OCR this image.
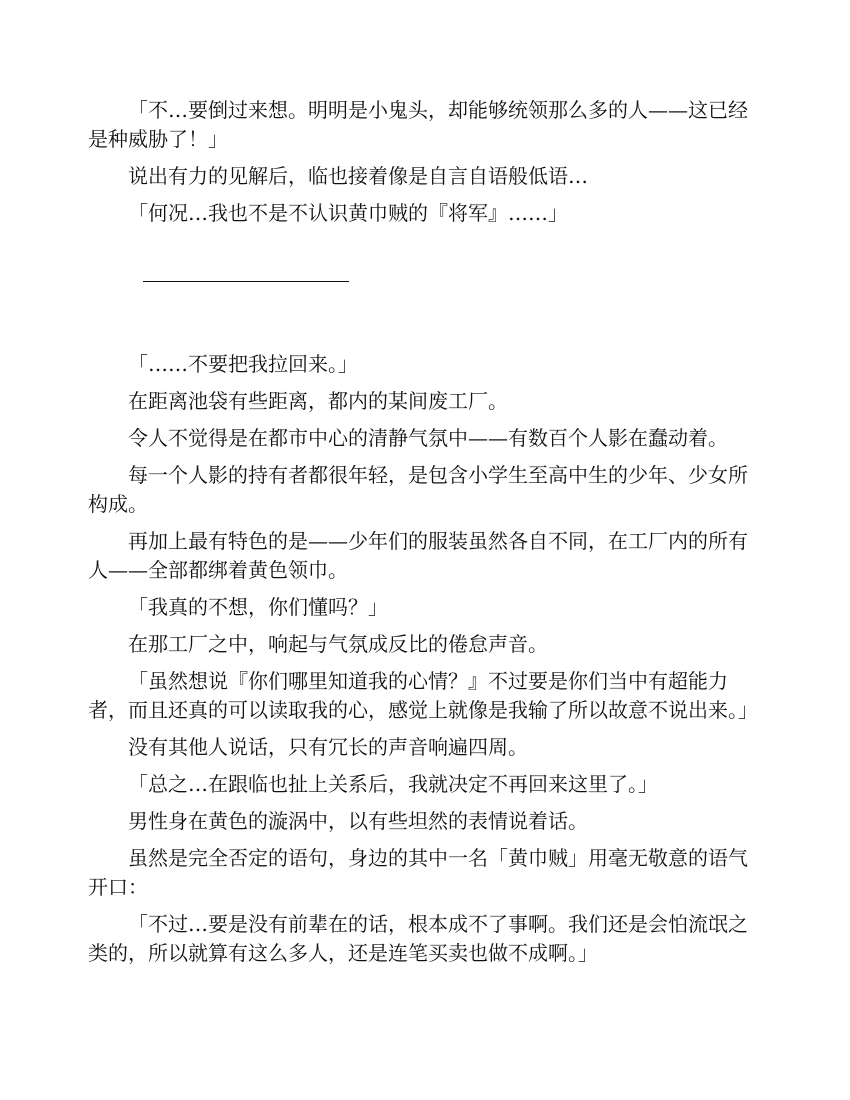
「不…要倒过来想。明明是小鬼头，却能够统领那么多的人——这已经是种威胁了！」

说出有力的见解后，临也接着像是自言自语般低语…

「何况…我也不是不认识黄巾贼的『将军』……」

「……不要把我拉回来。」

在距离池袋有些距离，都内的某间废工厂。

令人不觉得是在都市中心的清静气氛中——有数百个人影在蠢动着。

每一个人影的持有者都很年轻，是包含小学生至高中生的少年、少女所构成。

再加上最有特色的是——少年们的服装虽然各自不同，在工厂内的所有人——全部都绑着黄色领巾。

「我真的不想，你们懂吗？」

在那工厂之中，响起与气氛成反比的倦怠声音。

「虽然想说『你们哪里知道我的心情？』不过要是你们当中有超能力者，而且还真的可以读取我的心，感觉上就像是我输了所以故意不说出来。」

没有其他人说话，只有冗长的声音响遍四周。

「总之…在跟临也扯上关系后，我就决定不再回来这里了。」

男性身在黄色的漩涡中，以有些坦然的表情说着话。

虽然是完全否定的语句，身边的其中一名「黄巾贼」用毫无敬意的语气开口：

「不过…要是没有前辈在的话，根本成不了事啊。我们还是会怕流氓之类的，所以就算有这么多人，还是连笔买卖也做不成啊。」
